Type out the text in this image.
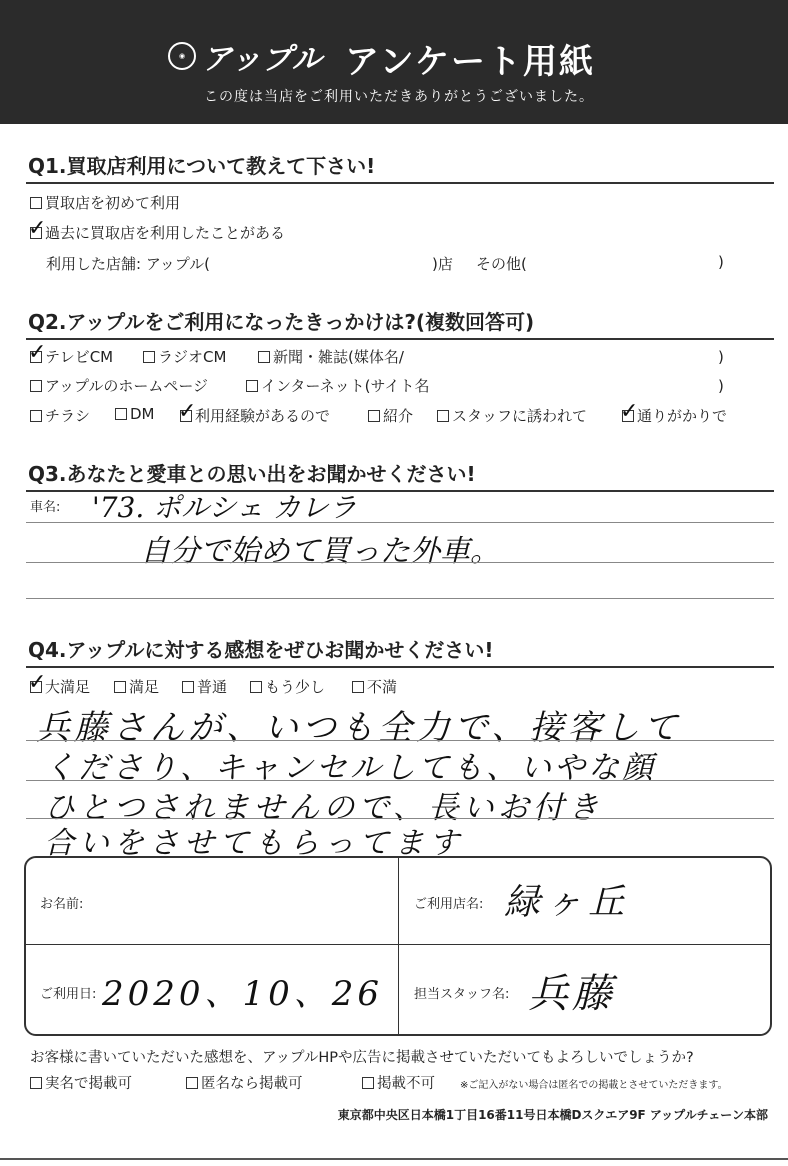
◉ アップル アンケート用紙
この度は当店をご利用いただきありがとうございました。
Q1.買取店利用について教えて下さい!
買取店を初めて利用
✓
過去に買取店を利用したことがある
利用した店舗: アップル(	)店 その他(	)
Q2.アップルをご利用になったきっかけは?(複数回答可)
✓
テレビCM	ラジオCM	新聞・雑誌(媒体名/	)
アップルのホームページ	インターネット(サイト名	)
チラシ	DM ✓
利用経験があるので	紹介	スタッフに誘われて ✓
通りがかりで
Q3.あなたと愛車との思い出をお聞かせください!
車名: '73. ポルシェ カレラ
自分で始めて買った外車。
Q4.アップルに対する感想をぜひお聞かせください!
✓
大満足	満足	普通	もう少し	不満
兵藤さんが、いつも全力で、接客して
くださり、キャンセルしても、いやな顔
ひとつされませんので、長いお付き
合いをさせてもらってます
お名前:	ご利用店名: 緑ヶ丘
ご利用日: 2020、10、26 担当スタッフ名: 兵藤
お客様に書いていただいた感想を、アップルHPや広告に掲載させていただいてもよろしいでしょうか?
実名で掲載可	匿名なら掲載可	掲載不可	※ご記入がない場合は匿名での掲載とさせていただきます。
東京都中央区日本橋1丁目16番11号日本橋Dスクエア9F アップルチェーン本部
